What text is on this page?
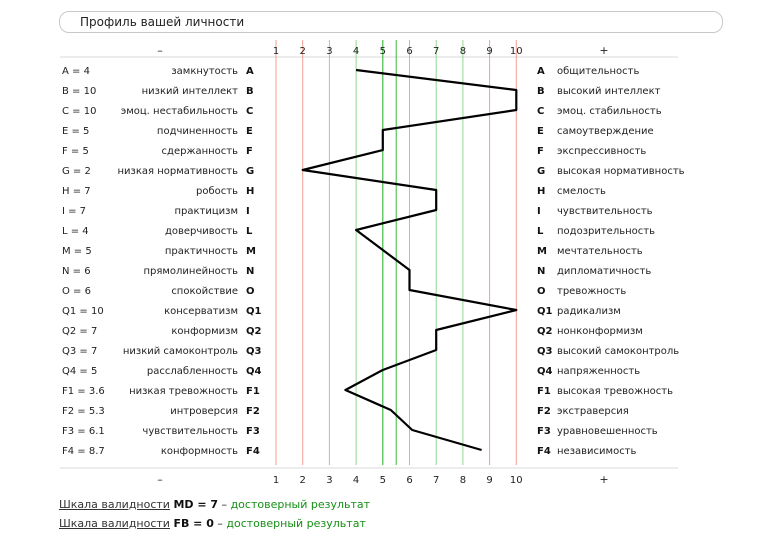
Профиль вашей личности
1
1
2
2
3
3
4
4
5
5
6
6
7
7
8
8
9
9
10
10
–	+
–	+
A = 4	замкнутость A	A общительность
B = 10	низкий интеллект B	B высокий интеллект
C = 10 эмоц. нестабильность C	C эмоц. стабильность
E = 5	подчиненность E	E самоутверждение
F = 5	сдержанность F	F экспрессивность
G = 2	низкая нормативность G	G высокая нормативность
H = 7	робость H	H смелость
I = 7	практицизм I	I чувствительность
L = 4	доверчивость L	L подозрительность
M = 5	практичность M	M мечтательность
N = 6	прямолинейность N	N дипломатичность
O = 6	спокойствие O	O тревожность
Q1 = 10	консерватизм Q1	Q1 радикализм
Q2 = 7	конформизм Q2	Q2 нонконформизм
Q3 = 7	низкий самоконтроль Q3	Q3 высокий самоконтроль
Q4 = 5	расслабленность Q4	Q4 напряженность
F1 = 3.6 низкая тревожность F1	F1 высокая тревожность
F2 = 5.3	интроверсия F2	F2 экстраверсия
F3 = 6.1	чувствительность F3	F3 уравновешенность
F4 = 8.7	конформность F4	F4 независимость
Шкала валидности MD = 7 – достоверный результат
Шкала валидности FB = 0 – достоверный результат
